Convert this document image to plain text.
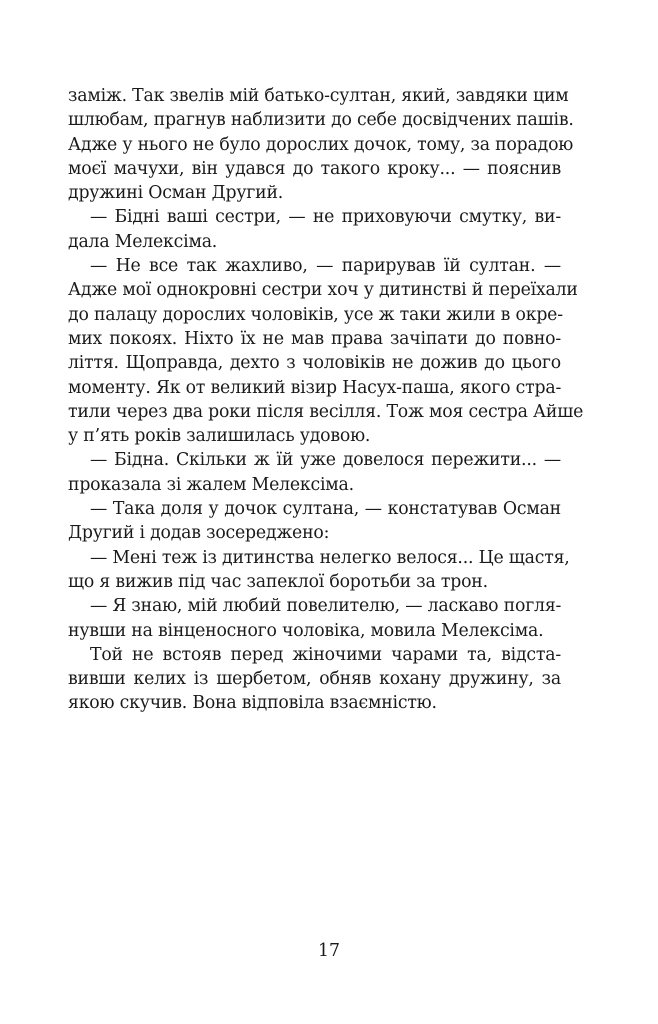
заміж. Так звелів мій батько-султан, який, завдяки цим
шлюбам, прагнув наблизити до себе досвідчених пашів.
Адже у нього не було дорослих дочок, тому, за порадою
моєї мачухи, він удався до такого кроку... — пояснив
дружині Осман Другий.
— Бідні ваші сестри, — не приховуючи смутку, ви-
дала Мелексіма.
— Не все так жахливо, — парирував їй султан. —
Адже мої однокровні сестри хоч у дитинстві й переїхали
до палацу дорослих чоловіків, усе ж таки жили в окре-
мих покоях. Ніхто їх не мав права зачіпати до повно-
ліття. Щоправда, дехто з чоловіків не дожив до цього
моменту. Як от великий візир Насух-паша, якого стра-
тили через два роки після весілля. Тож моя сестра Айше
у п’ять років залишилась удовою.
— Бідна. Скільки ж їй уже довелося пережити... —
проказала зі жалем Мелексіма.
— Така доля у дочок султана, — констатував Осман
Другий і додав зосереджено:
— Мені теж із дитинства нелегко велося... Це щастя,
що я вижив під час запеклої боротьби за трон.
— Я знаю, мій любий повелителю, — ласкаво погля-
нувши на вінценосного чоловіка, мовила Мелексіма.
Той не встояв перед жіночими чарами та, відста-
вивши келих із шербетом, обняв кохану дружину, за
якою скучив. Вона відповіла взаємністю.
17
